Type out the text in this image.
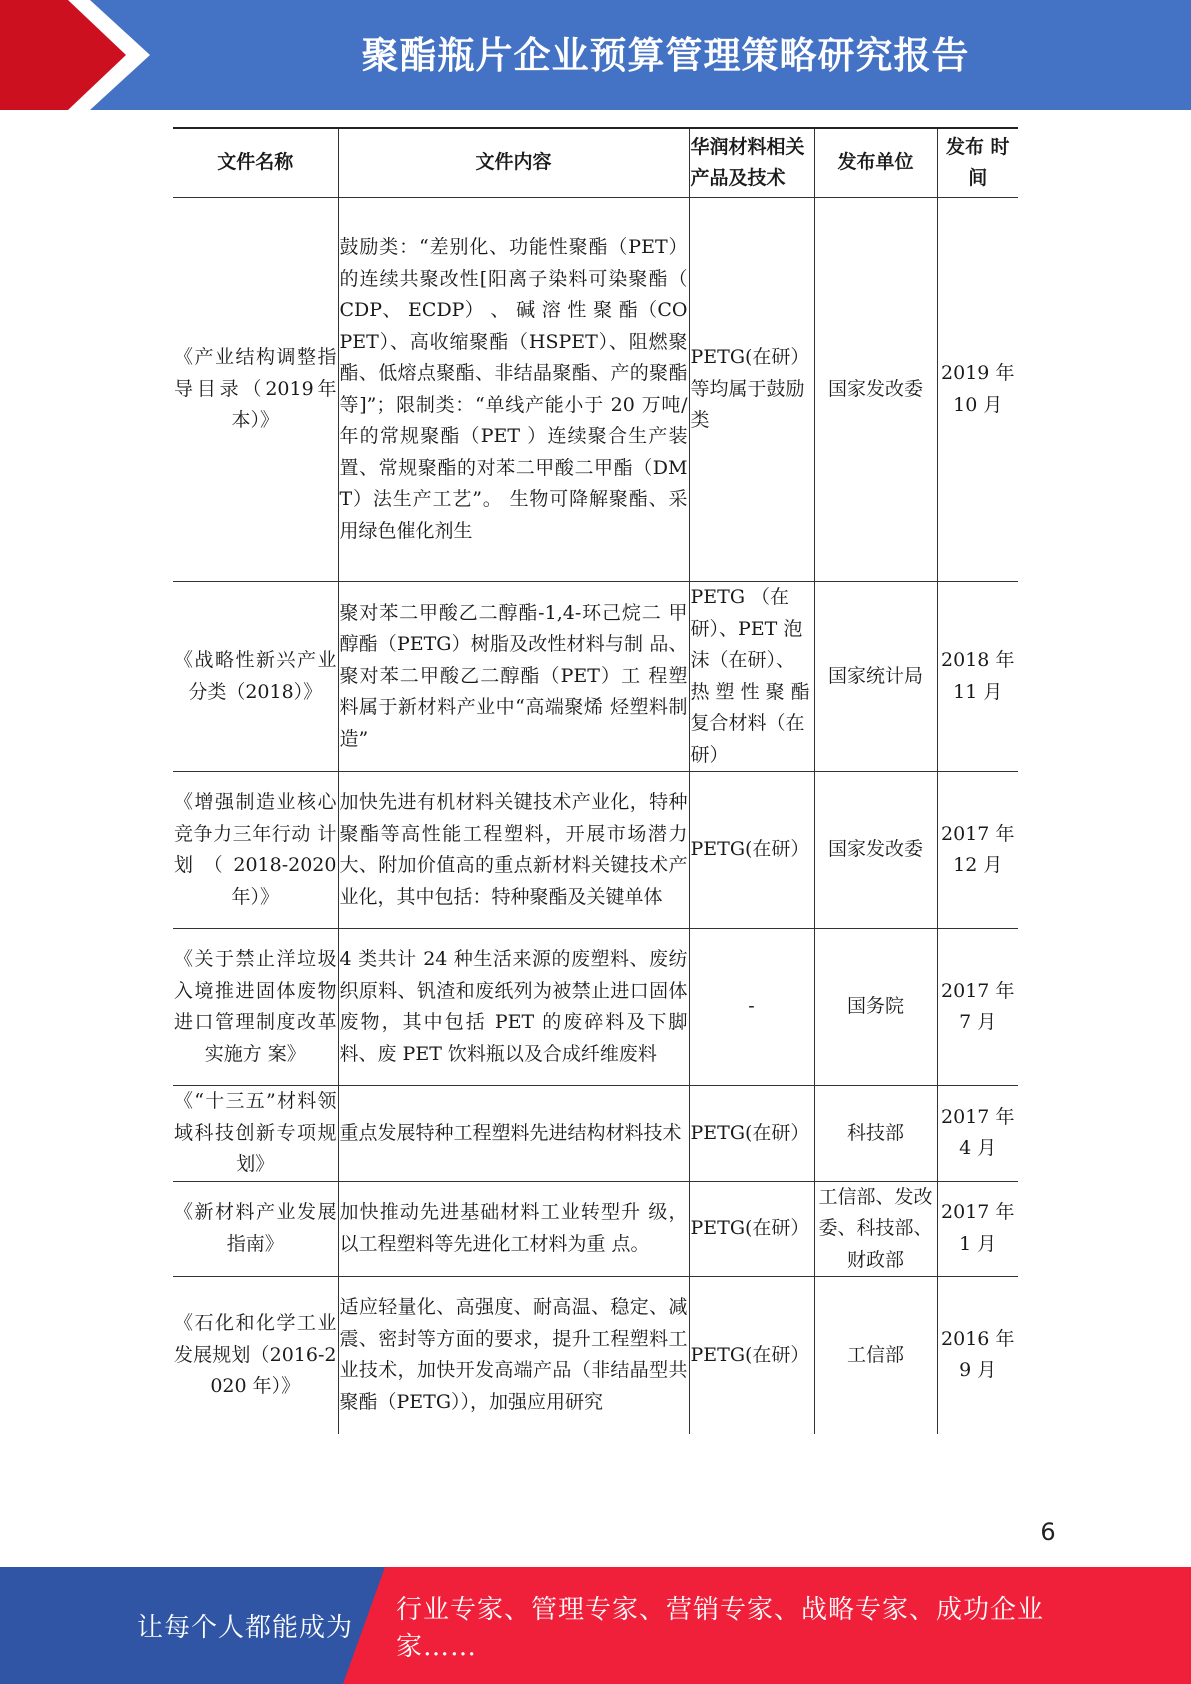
聚酯瓶片企业预算管理策略研究报告
文件名称	文件内容	华润材料相关产品及技术	发布单位	发布 时间
《产业结构调整指导目录（2019年本）》	鼓励类：“差别化、功能性聚酯（PET） 的连续共聚改性[阳离子染料可染聚酯（ CDP、 ECDP） 、 碱 溶 性 聚 酯（COPET）、高收缩聚酯（HSPET）、阻燃聚酯、低熔点聚酯、非结晶聚酯、产的聚酯等]”；限制类：“单线产能小于 20 万吨/年的常规聚酯（PET ）连续聚合生产装置、常规聚酯的对苯二甲酸二甲酯（DMT）法生产工艺”。 生物可降解聚酯、采用绿色催化剂生	PETG(在研）等均属于鼓励类	国家发改委	2019 年 10 月
《战略性新兴产业分类（2018）》	聚对苯二甲酸乙二醇酯-1,4-环己烷二 甲醇酯（PETG）树脂及改性材料与制 品、聚对苯二甲酸乙二醇酯（PET）工 程塑料属于新材料产业中“高端聚烯 烃塑料制造”	PETG （在研）、PET 泡沫（在研）、热 塑 性 聚 酯 复合材料（在研）	国家统计局	2018 年 11 月
《增强制造业核心竞争力三年行动 计 划（2018-2020 年）》	加快先进有机材料关键技术产业化，特种聚酯等高性能工程塑料，开展市场潜力大、附加价值高的重点新材料关键技术产业化，其中包括：特种聚酯及关键单体	PETG(在研）	国家发改委	2017 年 12 月
《关于禁止洋垃圾入境推进固体废物进口管理制度改革实施方 案》	4 类共计 24 种生活来源的废塑料、废纺织原料、钒渣和废纸列为被禁止进口固体废物，其中包括 PET 的废碎料及下脚料、废 PET 饮料瓶以及合成纤维废料	-	国务院	2017 年 7 月
《“十三五”材料领域科技创新专项规划》	重点发展特种工程塑料先进结构材料技术	PETG(在研）	科技部	2017 年 4 月
《新材料产业发展指南》	加快推动先进基础材料工业转型升 级，以工程塑料等先进化工材料为重 点。	PETG(在研）	工信部、发改委、科技部、财政部	2017 年 1 月
《石化和化学工业发展规划（2016-2020 年）》	适应轻量化、高强度、耐高温、稳定、减震、密封等方面的要求，提升工程塑料工业技术，加快开发高端产品（非结晶型共聚酯（PETG）），加强应用研究	PETG(在研）	工信部	2016 年 9 月
6
让每个人都能成为
行业专家、管理专家、营销专家、战略专家、成功企业家……
